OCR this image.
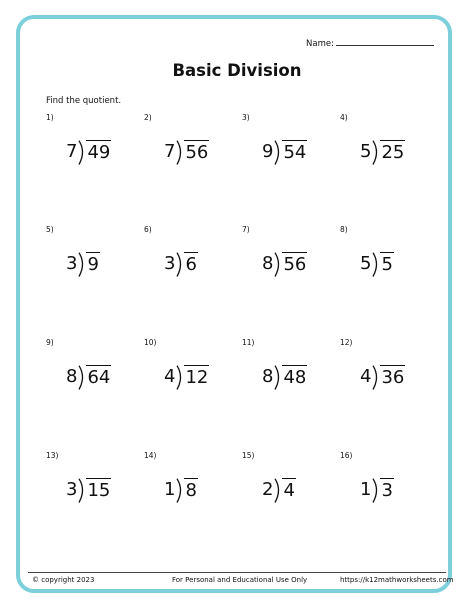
Name:
Basic Division
Find the quotient.
1)
7 49
2)
7 56
3)
9 54
4)
5 25
5)
3 9
6)
3 6
7)
8 56
8)
5 5
9)
8 64
10)
4 12
11)
8 48
12)
4 36
13)
3 15
14)
1 8
15)
2 4
16)
1 3
© copyright 2023	For Personal and Educational Use Only	https://k12mathworksheets.com
